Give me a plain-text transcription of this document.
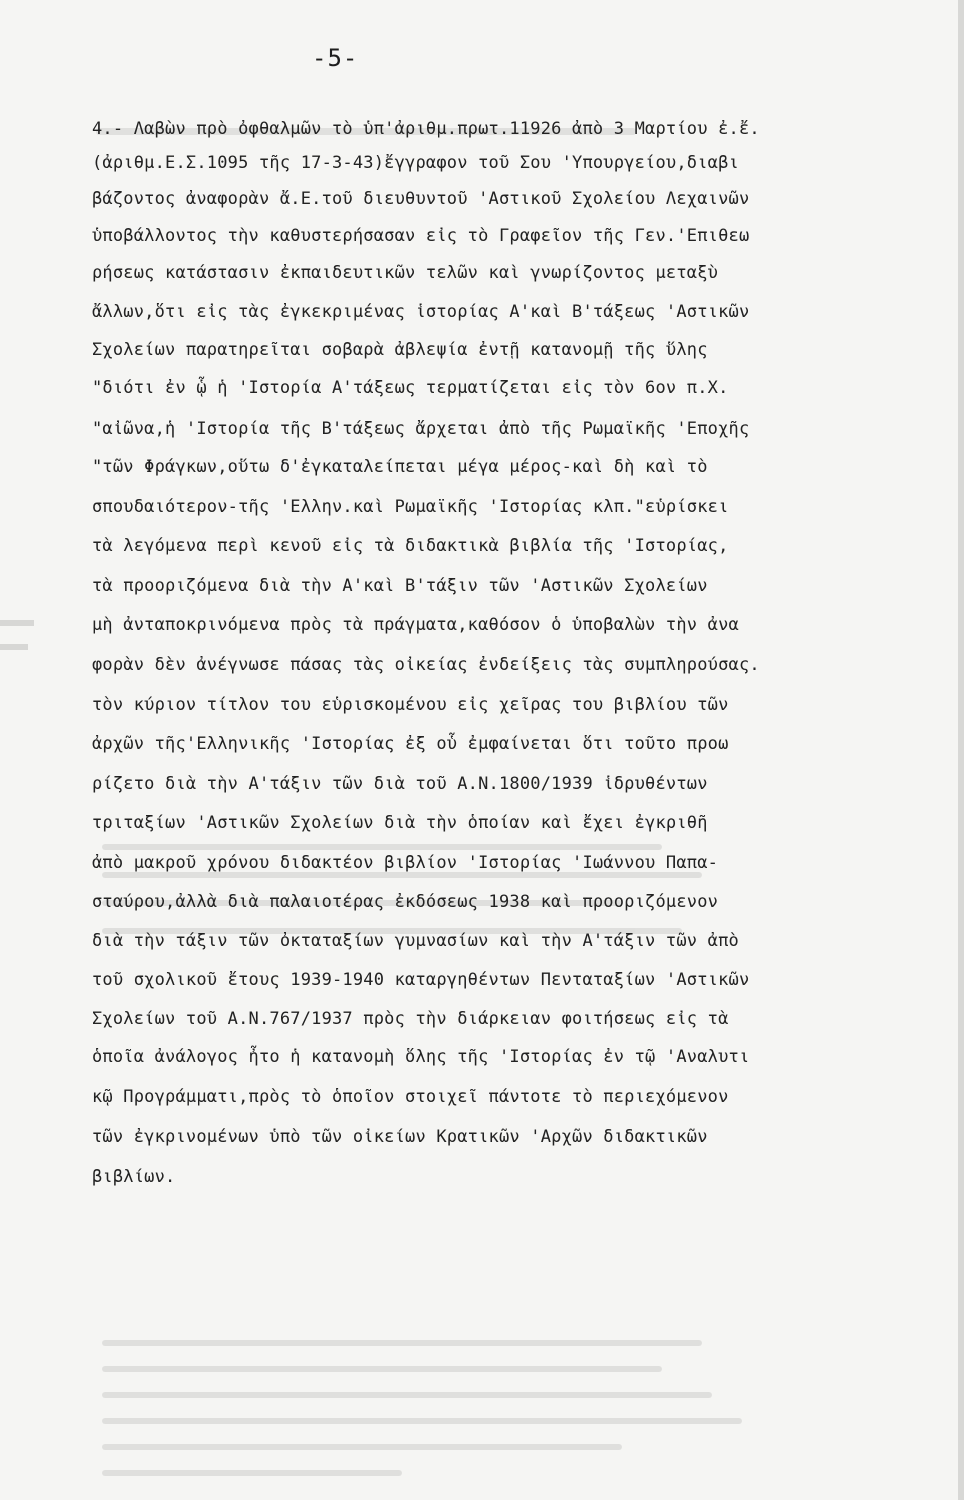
-5-
4.- Λαβὼν πρὸ ὀφθαλμῶν τὸ ὑπ'ἀριθμ.πρωτ.11926 ἀπὸ 3 Μαρτίου ἐ.ἔ.
(ἀριθμ.Ε.Σ.1095 τῆς 17-3-43)ἔγγραφον τοῦ Σου 'Υπουργείου,διαβι
βάζοντος ἀναφορὰν ἄ.Ε.τοῦ διευθυντοῦ 'Αστικοῦ Σχολείου Λεχαινῶν
ὑποβάλλοντος τὴν καθυστερήσασαν εἰς τὸ Γραφεῖον τῆς Γεν.'Επιθεω
ρήσεως κατάστασιν ἐκπαιδευτικῶν τελῶν καὶ γνωρίζοντος μεταξὺ
ἄλλων,ὅτι εἰς τὰς ἐγκεκριμένας ἱστορίας Α'καὶ Β'τάξεως 'Αστικῶν
Σχολείων παρατηρεῖται σοβαρὰ ἀβλεψία ἐντῇ κατανομῇ τῆς ὕλης
"διότι ἐν ᾧ ἡ 'Ιστορία Α'τάξεως τερματίζεται εἰς τὸν 6ον π.Χ.
"αἰῶνα,ἡ 'Ιστορία τῆς Β'τάξεως ἄρχεται ἀπὸ τῆς Ρωμαϊκῆς 'Εποχῆς
"τῶν Φράγκων,οὕτω δ'ἐγκαταλείπεται μέγα μέρος-καὶ δὴ καὶ τὸ
σπουδαιότερον-τῆς 'Ελλην.καὶ Ρωμαϊκῆς 'Ιστορίας κλπ."εὑρίσκει
τὰ λεγόμενα περὶ κενοῦ εἰς τὰ διδακτικὰ βιβλία τῆς 'Ιστορίας,
τὰ προοριζόμενα διὰ τὴν Α'καὶ Β'τάξιν τῶν 'Αστικῶν Σχολείων
μὴ ἀνταποκρινόμενα πρὸς τὰ πράγματα,καθόσον ὁ ὑποβαλὼν τὴν ἀνα
φορὰν δὲν ἀνέγνωσε πάσας τὰς οἰκείας ἐνδείξεις τὰς συμπληρούσας.
τὸν κύριον τίτλον του εὑρισκομένου εἰς χεῖρας του βιβλίου τῶν
ἀρχῶν τῆς'Ελληνικῆς 'Ιστορίας ἐξ οὗ ἐμφαίνεται ὅτι τοῦτο προω
ρίζετο διὰ τὴν Α'τάξιν τῶν διὰ τοῦ Α.Ν.1800/1939 ἱδρυθέντων
τριταξίων 'Αστικῶν Σχολείων διὰ τὴν ὁποίαν καὶ ἔχει ἐγκριθῆ
ἀπὸ μακροῦ χρόνου διδακτέον βιβλίον 'Ιστορίας 'Ιωάννου Παπα-
σταύρου,ἀλλὰ διὰ παλαιοτέρας ἐκδόσεως 1938 καὶ προοριζόμενον
διὰ τὴν τάξιν τῶν ὀκταταξίων γυμνασίων καὶ τὴν Α'τάξιν τῶν ἀπὸ
τοῦ σχολικοῦ ἔτους 1939-1940 καταργηθέντων Πενταταξίων 'Αστικῶν
Σχολείων τοῦ Α.Ν.767/1937 πρὸς τὴν διάρκειαν φοιτήσεως εἰς τὰ
ὁποῖα ἀνάλογος ἦτο ἡ κατανομὴ ὅλης τῆς 'Ιστορίας ἐν τῷ 'Αναλυτι
κῷ Προγράμματι,πρὸς τὸ ὁποῖον στοιχεῖ πάντοτε τὸ περιεχόμενον
τῶν ἐγκρινομένων ὑπὸ τῶν οἰκείων Κρατικῶν 'Αρχῶν διδακτικῶν
βιβλίων.
